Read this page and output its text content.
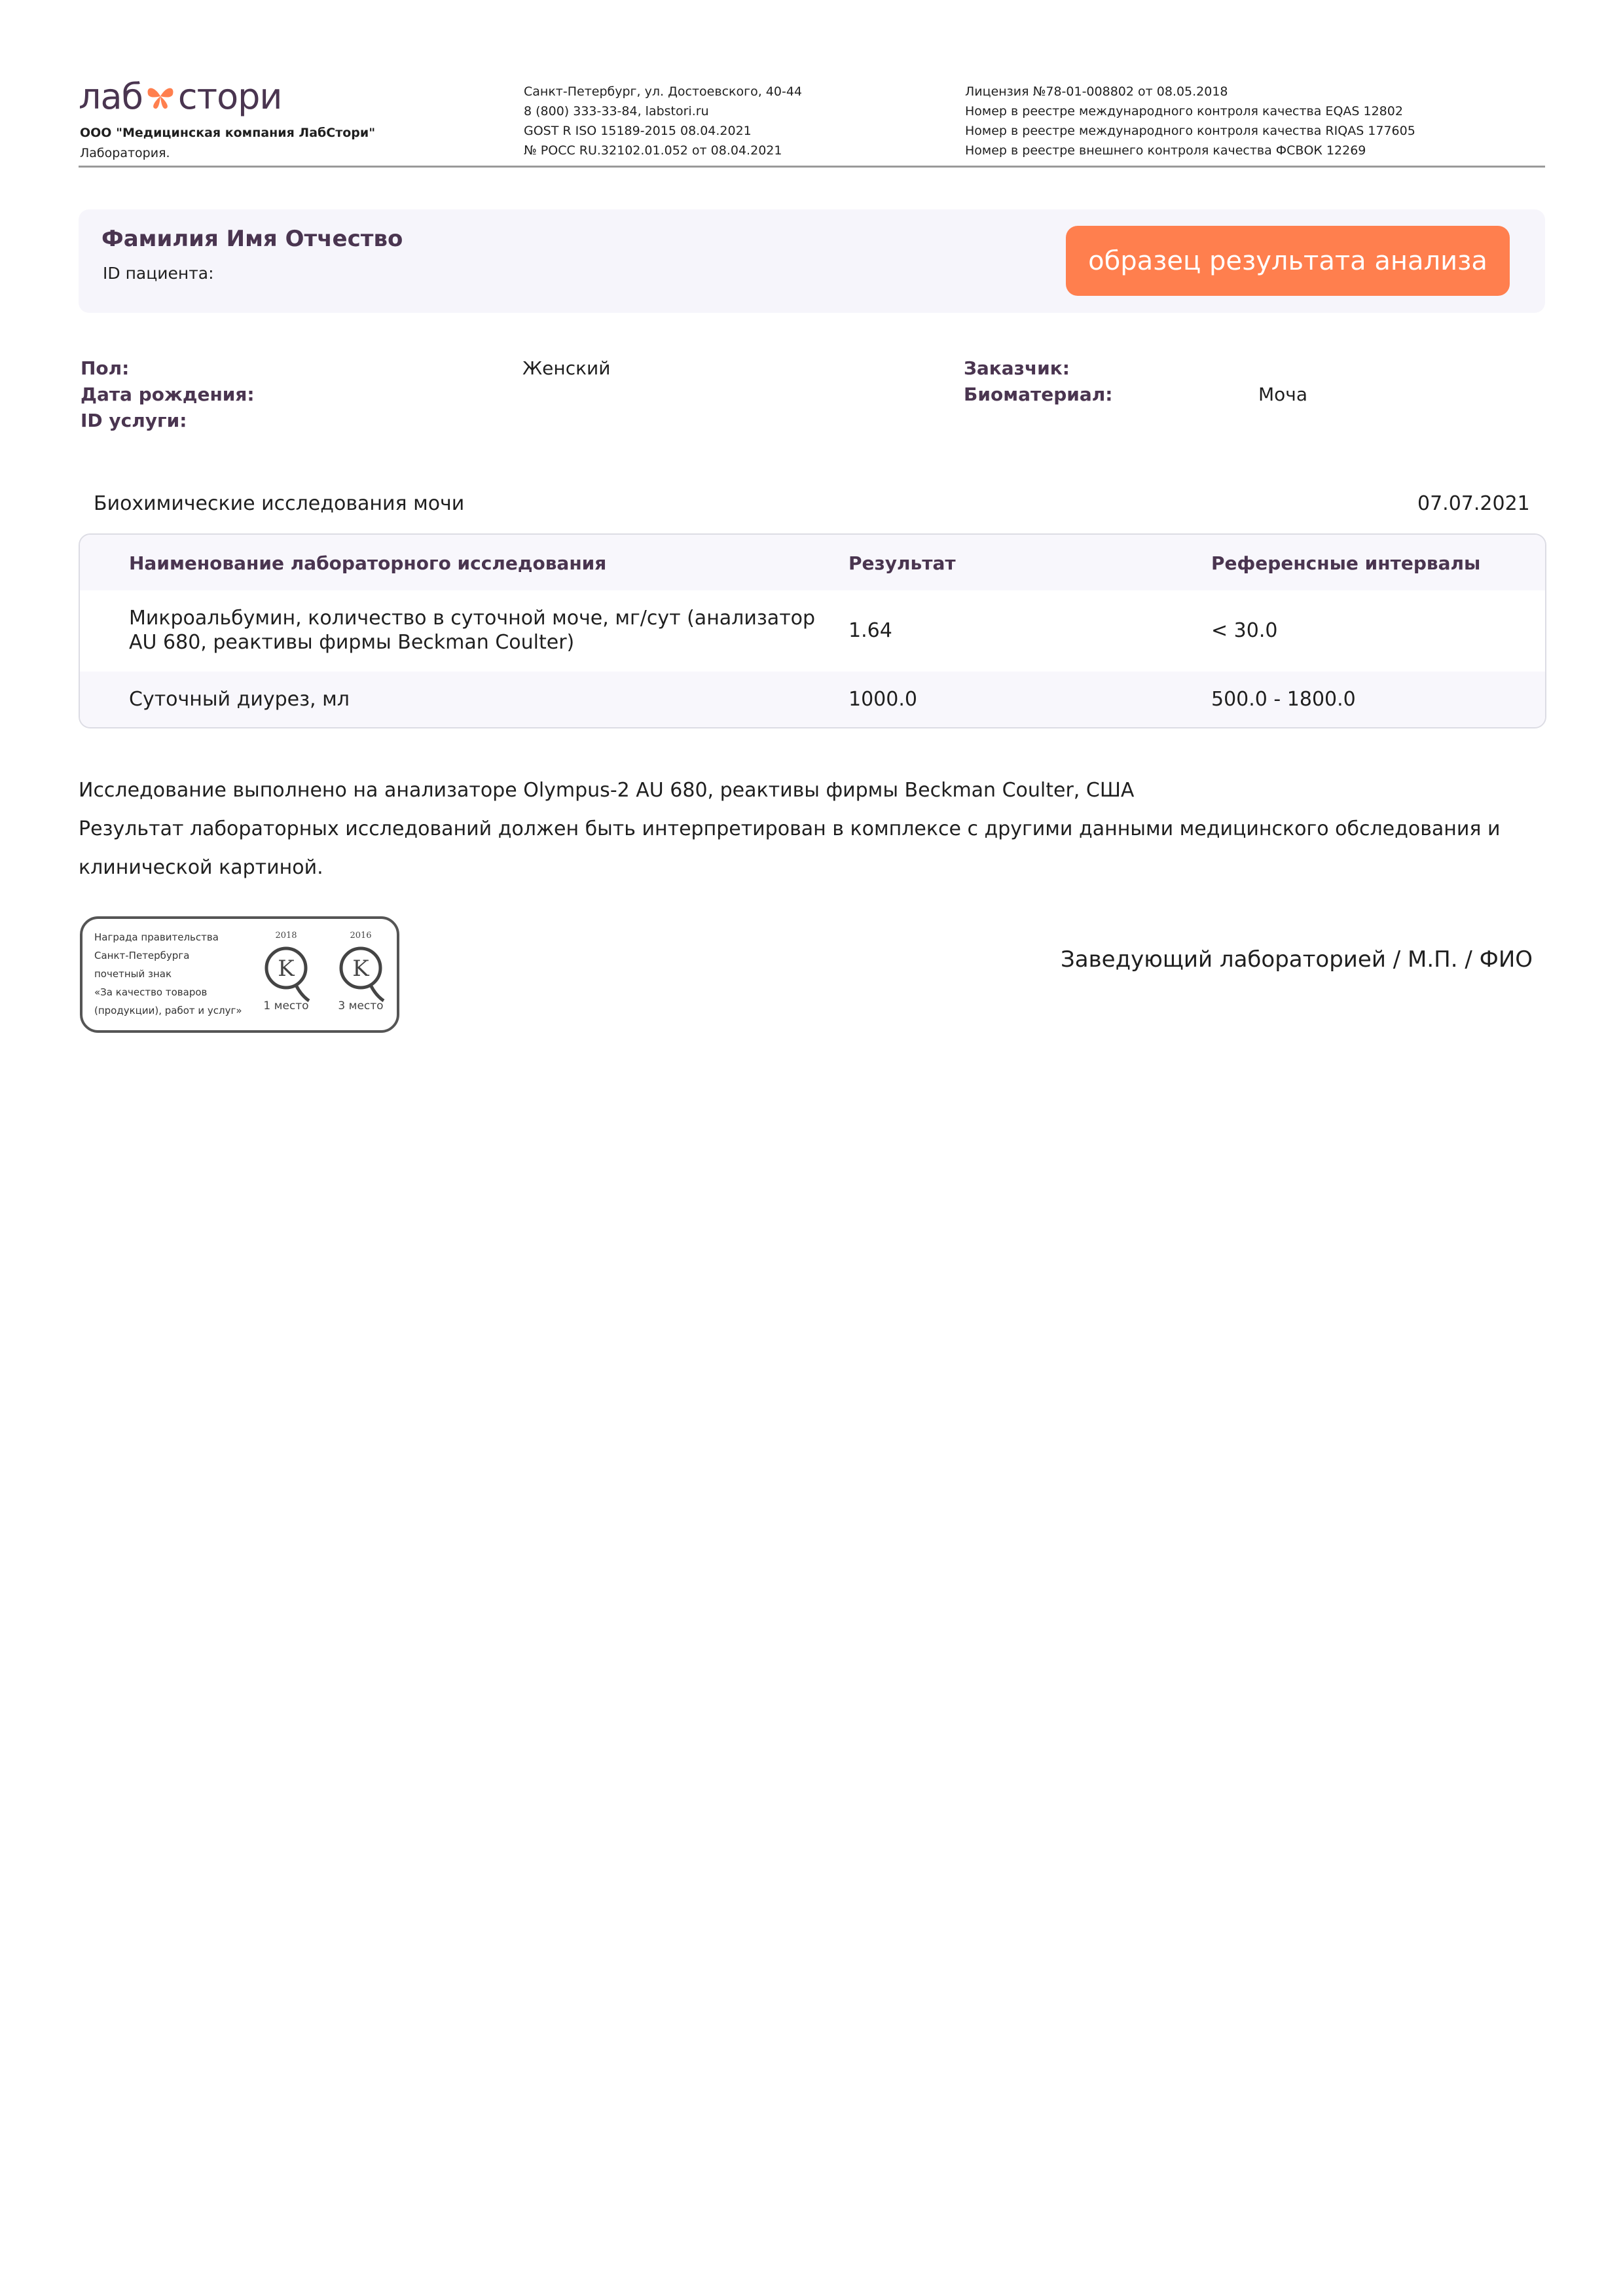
лаб стори
ООО "Медицинская компания ЛабСтори"
Лаборатория.
Санкт-Петербург, ул. Достоевского, 40-44
8 (800) 333-33-84, labstori.ru
GOST R ISO 15189-2015 08.04.2021
№ РОСС RU.32102.01.052 от 08.04.2021
Лицензия №78-01-008802 от 08.05.2018
Номер в реестре международного контроля качества EQAS 12802
Номер в реестре международного контроля качества RIQAS 177605
Номер в реестре внешнего контроля качества ФСВОК 12269
Фамилия Имя Отчество
ID пациента:	образец результата анализа
Пол:	Женский
Дата рождения:
ID услуги:
Заказчик:
Биоматериал:	Моча
Биохимические исследования мочи	07.07.2021
Наименование лабораторного исследования	Результат	Референсные интервалы
Микроальбумин, количество в суточной моче, мг/сут (анализатор
AU 680, реактивы фирмы Beckman Coulter)
1.64	< 30.0
Суточный диурез, мл	1000.0	500.0 - 1800.0
Исследование выполнено на анализаторе Olympus-2 AU 680, реактивы фирмы Beckman Coulter, США
Результат лабораторных исследований должен быть интерпретирован в комплексе с другими данными медицинского обследования и
клинической картиной.
Награда правительства
Санкт-Петербурга
почетный знак
«За качество товаров
(продукции), работ и услуг»
2018
K
1 место
2016
K
3 место
Заведующий лабораторией / М.П. / ФИО
